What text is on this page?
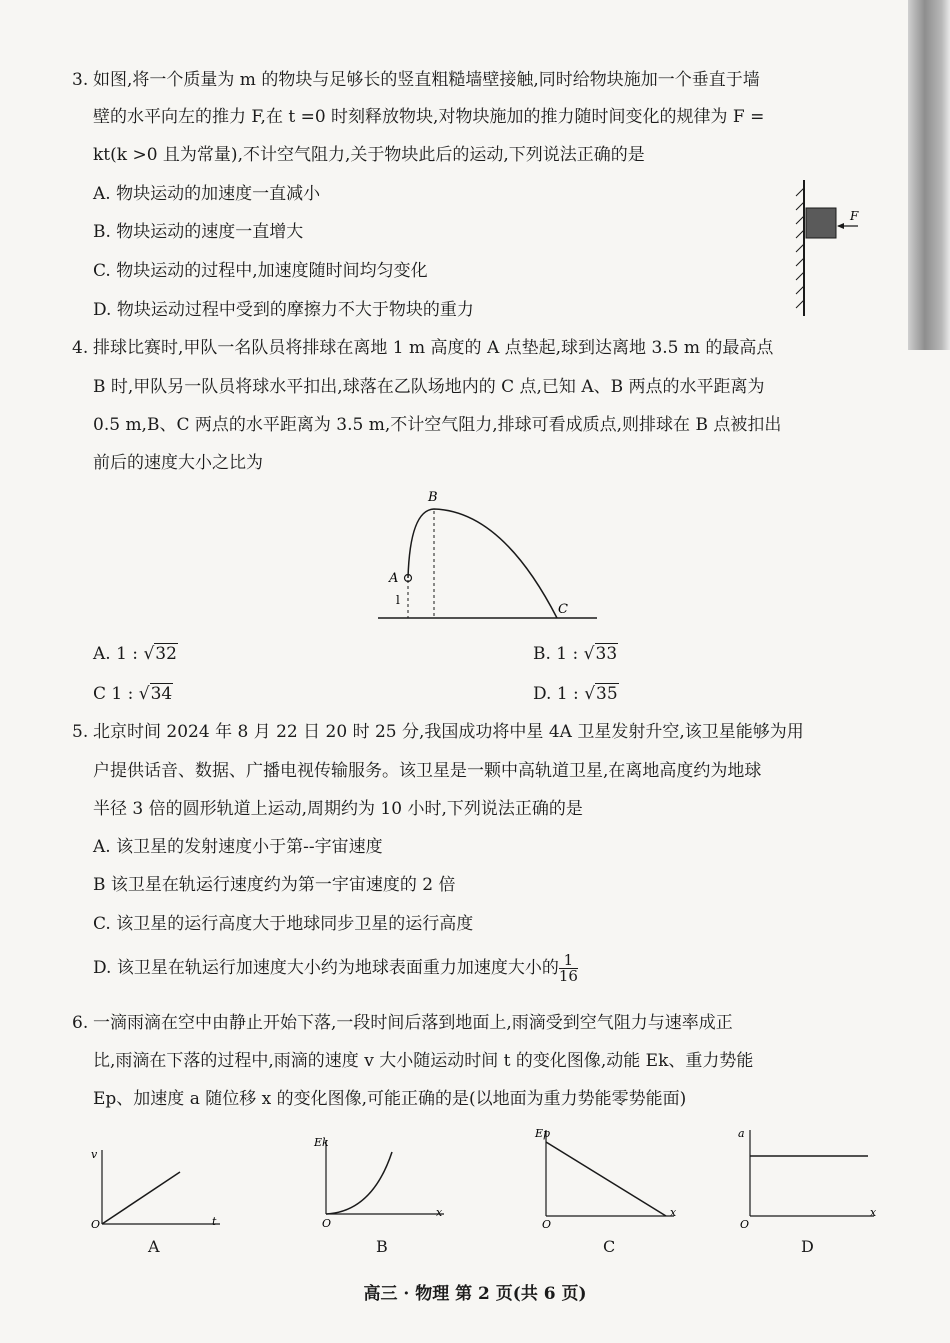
3. 如图,将一个质量为 m 的物块与足够长的竖直粗糙墙壁接触,同时给物块施加一个垂直于墙
壁的水平向左的推力 F,在 t =0 时刻释放物块,对物块施加的推力随时间变化的规律为 F =
kt(k >0 且为常量),不计空气阻力,关于物块此后的运动,下列说法正确的是
A. 物块运动的加速度一直减小
B. 物块运动的速度一直增大
C. 物块运动的过程中,加速度随时间均匀变化
D. 物块运动过程中受到的摩擦力不大于物块的重力
F
4. 排球比赛时,甲队一名队员将排球在离地 1 m 高度的 A 点垫起,球到达离地 3.5 m 的最高点
B 时,甲队另一队员将球水平扣出,球落在乙队场地内的 C 点,已知 A、B 两点的水平距离为
0.5 m,B、C 两点的水平距离为 3.5 m,不计空气阻力,排球可看成质点,则排球在 B 点被扣出
前后的速度大小之比为
l
A
B
C
A. 1 : √32	B. 1 : √33
C 1 : √34	D. 1 : √35
5. 北京时间 2024 年 8 月 22 日 20 时 25 分,我国成功将中星 4A 卫星发射升空,该卫星能够为用
户提供话音、数据、广播电视传输服务。该卫星是一颗中高轨道卫星,在离地高度约为地球
半径 3 倍的圆形轨道上运动,周期约为 10 小时,下列说法正确的是
A. 该卫星的发射速度小于第--宇宙速度
B 该卫星在轨运行速度约为第一宇宙速度的 2 倍
C. 该卫星的运行高度大于地球同步卫星的运行高度
D. 该卫星在轨运行加速度大小约为地球表面重力加速度大小的 $\frac{1}{16}$
6. 一滴雨滴在空中由静止开始下落,一段时间后落到地面上,雨滴受到空气阻力与速率成正
比,雨滴在下落的过程中,雨滴的速度 v 大小随运动时间 t 的变化图像,动能 Ek、重力势能
Ep、加速度 a 随位移 x 的变化图像,可能正确的是(以地面为重力势能零势能面)
v
t
O
A
Ek
x
O
B
Ep
x
O
C
a
x
O
D
高三 · 物理 第 2 页(共 6 页)
